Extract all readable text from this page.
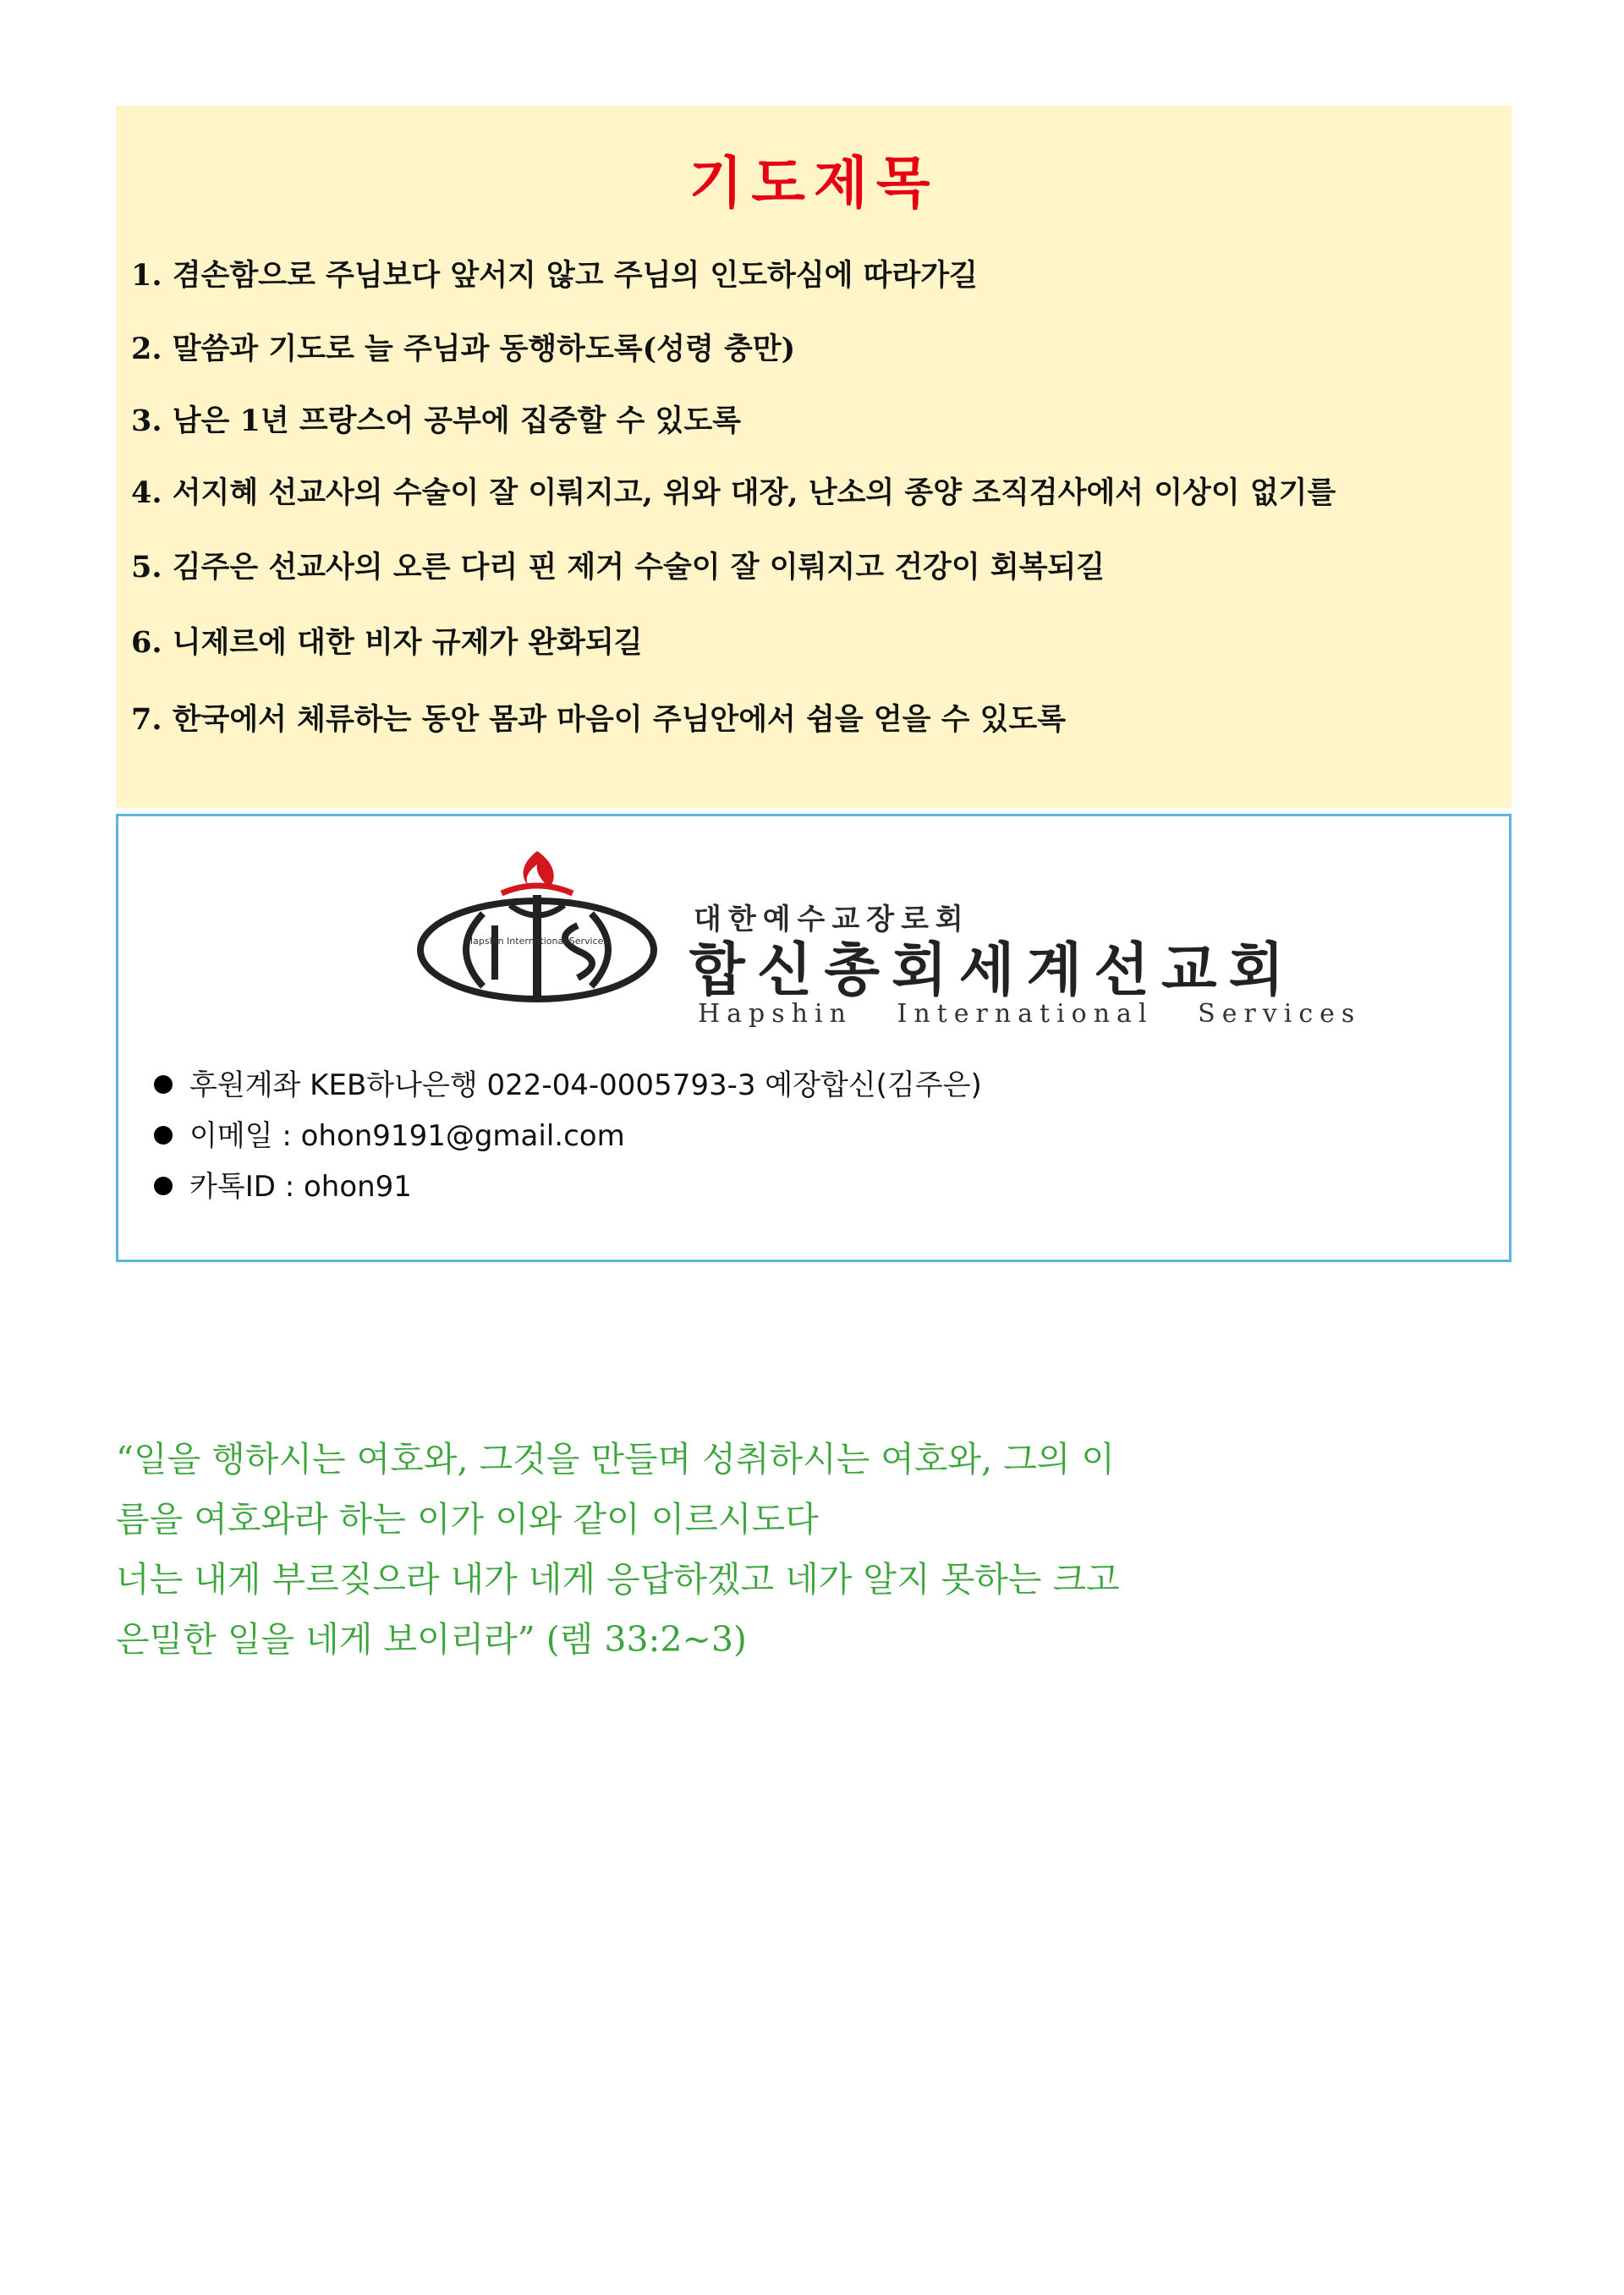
기도제목
1. 겸손함으로 주님보다 앞서지 않고 주님의 인도하심에 따라가길
2. 말씀과 기도로 늘 주님과 동행하도록(성령 충만)
3. 남은 1년 프랑스어 공부에 집중할 수 있도록
4. 서지혜 선교사의 수술이 잘 이뤄지고, 위와 대장, 난소의 종양 조직검사에서 이상이 없기를
5. 김주은 선교사의 오른 다리 핀 제거 수술이 잘 이뤄지고 건강이 회복되길
6. 니제르에 대한 비자 규제가 완화되길
7. 한국에서 체류하는 동안 몸과 마음이 주님안에서 쉼을 얻을 수 있도록
Hapshin International Services
대한예수교장로회
합신총회세계선교회
Hapshin   International   Services
후원계좌 KEB하나은행 022-04-0005793-3 예장합신(김주은)
이메일 : ohon9191@gmail.com
카톡ID : ohon91
“일을 행하시는 여호와, 그것을 만들며 성취하시는 여호와, 그의 이
름을 여호와라 하는 이가 이와 같이 이르시도다
너는 내게 부르짖으라 내가 네게 응답하겠고 네가 알지 못하는 크고
은밀한 일을 네게 보이리라” (렘 33:2~3)
